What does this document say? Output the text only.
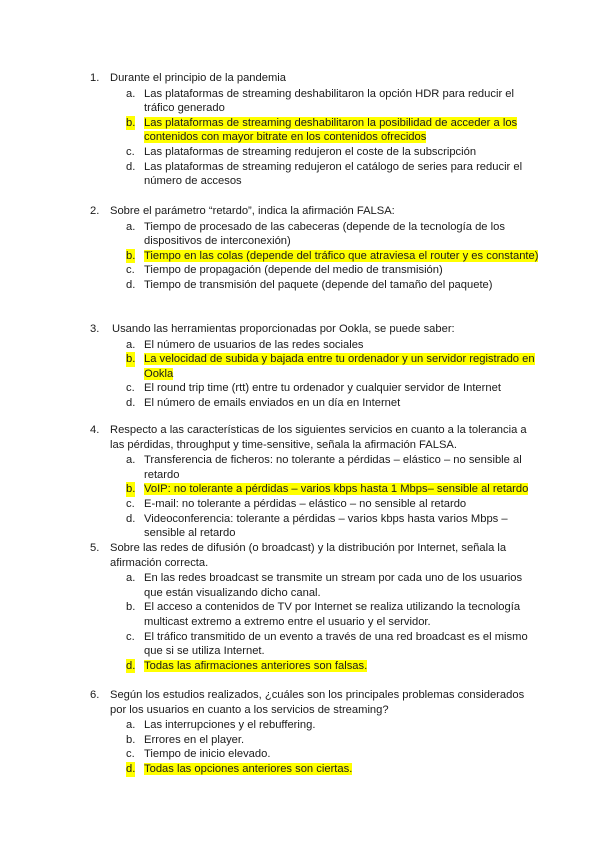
1. Durante el principio de la pandemia
a. Las plataformas de streaming deshabilitaron la opción HDR para reducir el tráfico generado
b. Las plataformas de streaming deshabilitaron la posibilidad de acceder a los contenidos con mayor bitrate en los contenidos ofrecidos
c. Las plataformas de streaming redujeron el coste de la subscripción
d. Las plataformas de streaming redujeron el catálogo de series para reducir el número de accesos
2. Sobre el parámetro “retardo”, indica la afirmación FALSA:
a. Tiempo de procesado de las cabeceras (depende de la tecnología de los dispositivos de interconexión)
b. Tiempo en las colas (depende del tráfico que atraviesa el router y es constante)
c. Tiempo de propagación (depende del medio de transmisión)
d. Tiempo de transmisión del paquete (depende del tamaño del paquete)
3.	Usando las herramientas proporcionadas por Ookla, se puede saber:
a. El número de usuarios de las redes sociales
b. La velocidad de subida y bajada entre tu ordenador y un servidor registrado en Ookla
c. El round trip time (rtt) entre tu ordenador y cualquier servidor de Internet
d. El número de emails enviados en un día en Internet
4. Respecto a las características de los siguientes servicios en cuanto a la tolerancia a las pérdidas, throughput y time-sensitive, señala la afirmación FALSA.
a. Transferencia de ficheros: no tolerante a pérdidas – elástico – no sensible al retardo
b. VoIP: no tolerante a pérdidas – varios kbps hasta 1 Mbps– sensible al retardo
c. E-mail: no tolerante a pérdidas – elástico – no sensible al retardo
d. Videoconferencia: tolerante a pérdidas – varios kbps hasta varios Mbps – sensible al retardo
5. Sobre las redes de difusión (o broadcast) y la distribución por Internet, señala la afirmación correcta.
a. En las redes broadcast se transmite un stream por cada uno de los usuarios que están visualizando dicho canal.
b. El acceso a contenidos de TV por Internet se realiza utilizando la tecnología multicast extremo a extremo entre el usuario y el servidor.
c. El tráfico transmitido de un evento a través de una red broadcast es el mismo que si se utiliza Internet.
d. Todas las afirmaciones anteriores son falsas.
6. Según los estudios realizados, ¿cuáles son los principales problemas considerados por los usuarios en cuanto a los servicios de streaming?
a. Las interrupciones y el rebuffering.
b. Errores en el player.
c. Tiempo de inicio elevado.
d. Todas las opciones anteriores son ciertas.
